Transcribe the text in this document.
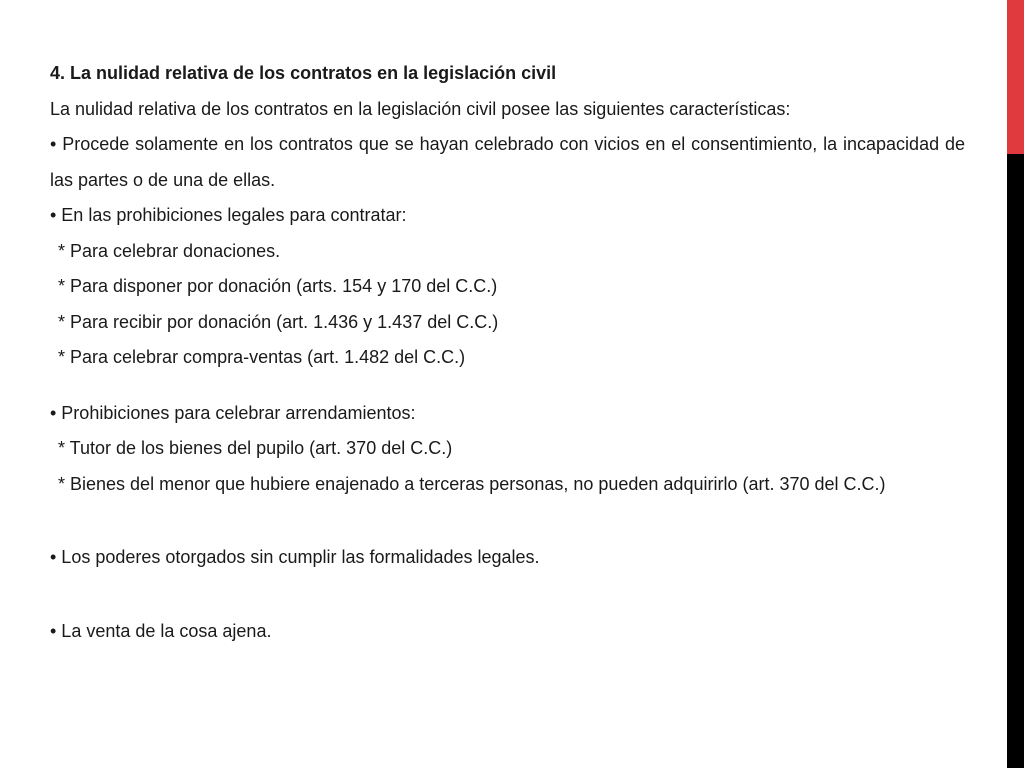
4. La nulidad relativa de los contratos en la legislación civil

La nulidad relativa de los contratos en la legislación civil posee las siguientes características:

• Procede solamente en los contratos que se hayan celebrado con vicios en el consentimiento, la incapacidad de las partes o de una de ellas.

• En las prohibiciones legales para contratar:

* Para celebrar donaciones.

* Para disponer por donación (arts. 154 y 170 del C.C.)

* Para recibir por donación (art. 1.436 y 1.437 del C.C.)

* Para celebrar compra-ventas (art. 1.482 del C.C.)

• Prohibiciones para celebrar arrendamientos:

* Tutor de los bienes del pupilo (art. 370 del C.C.)

* Bienes del menor que hubiere enajenado a terceras personas, no pueden adquirirlo (art. 370 del C.C.)

• Los poderes otorgados sin cumplir las formalidades legales.

• La venta de la cosa ajena.
